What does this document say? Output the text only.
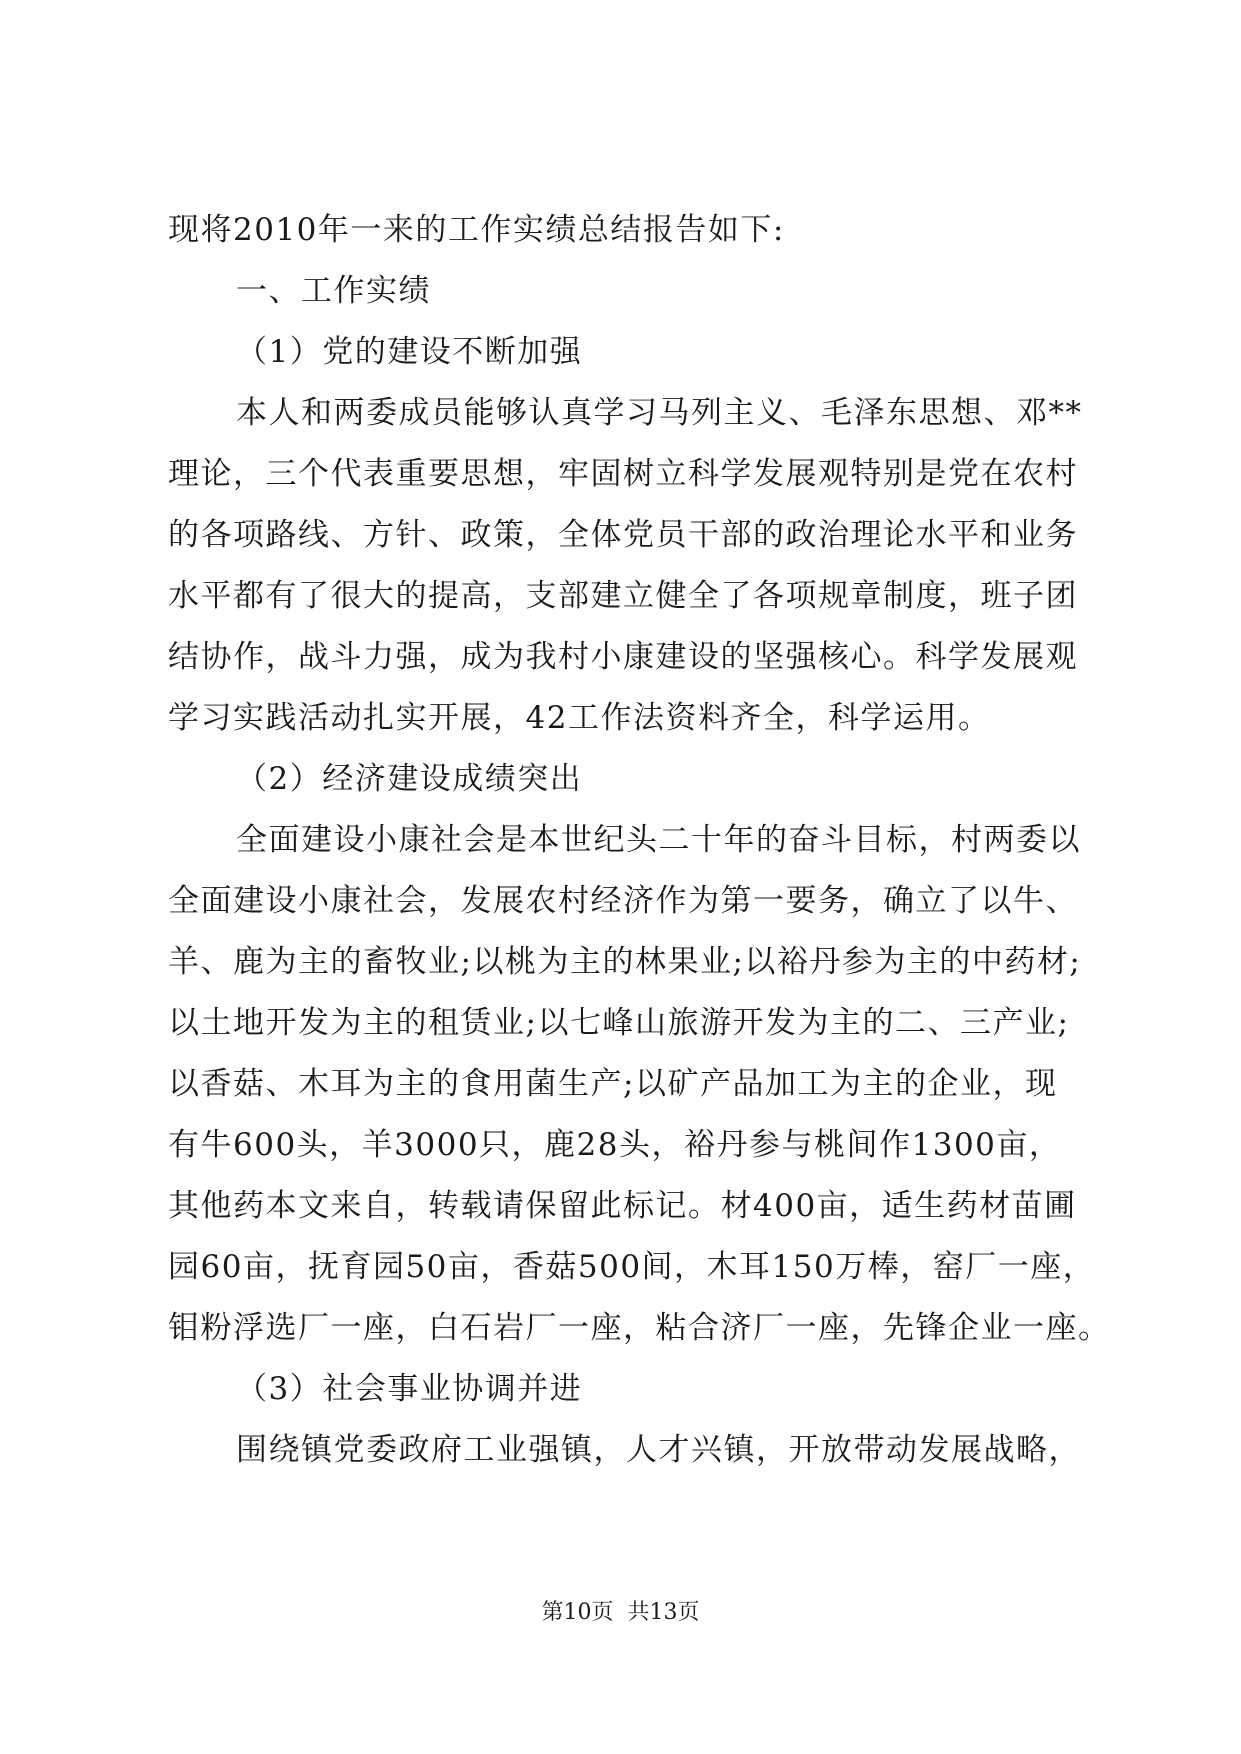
现将2010年一来的工作实绩总结报告如下:
一、工作实绩
（1）党的建设不断加强
本人和两委成员能够认真学习马列主义、毛泽东思想、邓**
理论，三个代表重要思想，牢固树立科学发展观特别是党在农村
的各项路线、方针、政策，全体党员干部的政治理论水平和业务
水平都有了很大的提高，支部建立健全了各项规章制度，班子团
结协作，战斗力强，成为我村小康建设的坚强核心。科学发展观
学习实践活动扎实开展，42工作法资料齐全，科学运用。
（2）经济建设成绩突出
全面建设小康社会是本世纪头二十年的奋斗目标，村两委以
全面建设小康社会，发展农村经济作为第一要务，确立了以牛、
羊、鹿为主的畜牧业;以桃为主的林果业;以裕丹参为主的中药材;
以土地开发为主的租赁业;以七峰山旅游开发为主的二、三产业;
以香菇、木耳为主的食用菌生产;以矿产品加工为主的企业，现
有牛600头，羊3000只，鹿28头，裕丹参与桃间作1300亩，
其他药本文来自，转载请保留此标记。材400亩，适生药材苗圃
园60亩，抚育园50亩，香菇500间，木耳150万棒，窑厂一座，
钼粉浮选厂一座，白石岩厂一座，粘合济厂一座，先锋企业一座。
（3）社会事业协调并进
围绕镇党委政府工业强镇，人才兴镇，开放带动发展战略，
第10页 共13页
